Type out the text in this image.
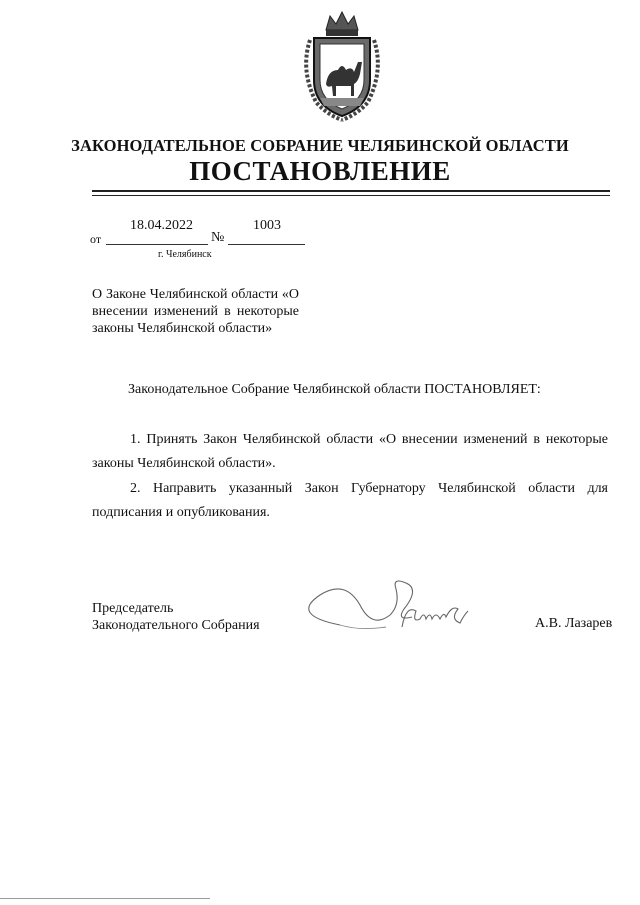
ЗАКОНОДАТЕЛЬНОЕ СОБРАНИЕ ЧЕЛЯБИНСКОЙ ОБЛАСТИ
ПОСТАНОВЛЕНИЕ
от
18.04.2022
№
1003
г. Челябинск
О Законе Челябинской области «О внесении изменений в некоторые законы Челябинской области»
Законодательное Собрание Челябинской области ПОСТАНОВЛЯЕТ:
1. Принять Закон Челябинской области «О внесении изменений в некоторые законы Челябинской области».
2. Направить указанный Закон Губернатору Челябинской области для подписания и опубликования.
Председатель
Законодательного Собрания	А.В. Лазарев
